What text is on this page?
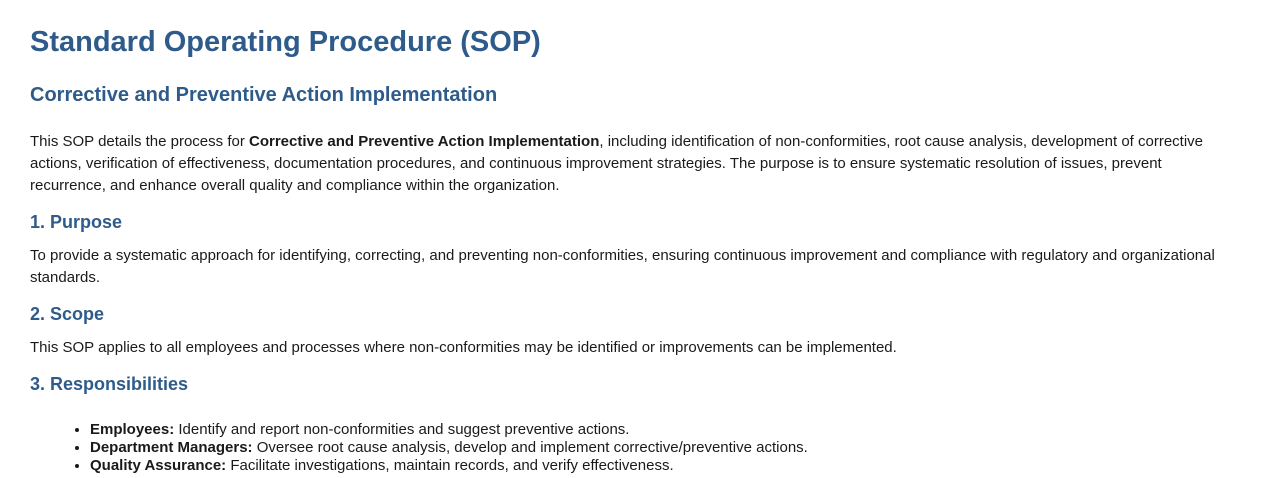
Standard Operating Procedure (SOP)
Corrective and Preventive Action Implementation

This SOP details the process for Corrective and Preventive Action Implementation, including identification of non-conformities, root cause analysis, development of corrective actions, verification of effectiveness, documentation procedures, and continuous improvement strategies. The purpose is to ensure systematic resolution of issues, prevent recurrence, and enhance overall quality and compliance within the organization.

1. Purpose

To provide a systematic approach for identifying, correcting, and preventing non-conformities, ensuring continuous improvement and compliance with regulatory and organizational standards.

2. Scope

This SOP applies to all employees and processes where non-conformities may be identified or improvements can be implemented.

3. Responsibilities
• Employees: Identify and report non-conformities and suggest preventive actions.
• Department Managers: Oversee root cause analysis, develop and implement corrective/preventive actions.
• Quality Assurance: Facilitate investigations, maintain records, and verify effectiveness.
